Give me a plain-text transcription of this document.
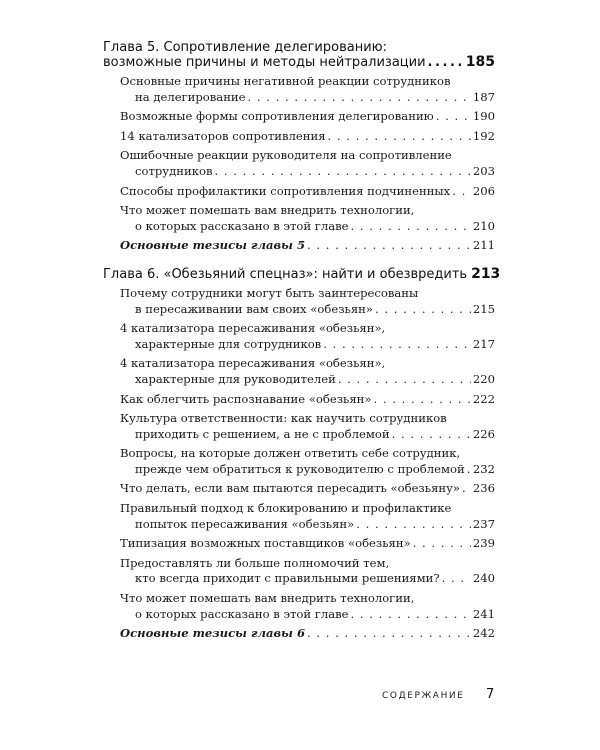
Глава 5. Сопротивление делегированию:
возможные причины и методы нейтрализации . . .	185
Основные причины негативной реакции сотрудников
на делегирование . . .	187
Возможные формы сопротивления делегированию . . .	190
14 катализаторов сопротивления . . .	192
Ошибочные реакции руководителя на сопротивление
сотрудников . . .	203
Способы профилактики сопротивления подчиненных . . . 206
Что может помешать вам внедрить технологии,
о которых рассказано в этой главе . . .	210
Основные тезисы главы 5 . . .	211
Глава 6. «Обезьяний спецназ»: найти и обезвредить 213
Почему сотрудники могут быть заинтересованы
в пересаживании вам своих «обезьян» . . .	215
4 катализатора пересаживания «обезьян»,
характерные для сотрудников . . .	217
4 катализатора пересаживания «обезьян»,
характерные для руководителей . . .	220
Как облегчить распознавание «обезьян» . . .	222
Культура ответственности: как научить сотрудников
приходить с решением, а не с проблемой . . .	226
Вопросы, на которые должен ответить себе сотрудник,
прежде чем обратиться к руководителю с проблемой . . . 232
Что делать, если вам пытаются пересадить «обезьяну» . . . 236
Правильный подход к блокированию и профилактике
попыток пересаживания «обезьян» . . .	237
Типизация возможных поставщиков «обезьян» . . .	239
Предоставлять ли больше полномочий тем,
кто всегда приходит с правильными решениями? . . .	240
Что может помешать вам внедрить технологии,
о которых рассказано в этой главе . . .	241
Основные тезисы главы 6 . . .	242
СОДЕРЖАНИЕ 7
